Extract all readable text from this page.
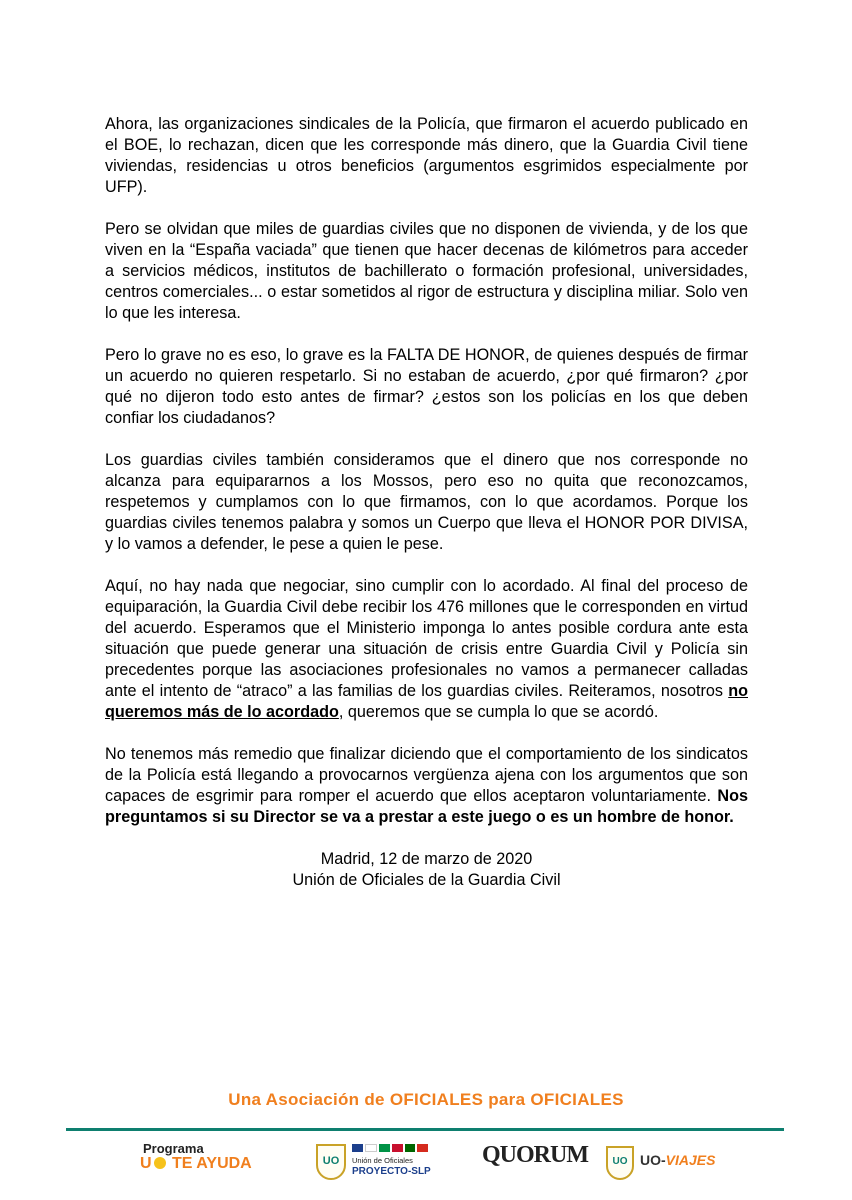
Ahora, las organizaciones sindicales de la Policía, que firmaron el acuerdo publicado en el BOE, lo rechazan, dicen que les corresponde más dinero, que la Guardia Civil tiene viviendas, residencias u otros beneficios (argumentos esgrimidos especialmente por UFP).

Pero se olvidan que miles de guardias civiles que no disponen de vivienda, y de los que viven en la “España vaciada” que tienen que hacer decenas de kilómetros para acceder a servicios médicos, institutos de bachillerato o formación profesional, universidades, centros comerciales... o estar sometidos al rigor de estructura y disciplina miliar. Solo ven lo que les interesa.

Pero lo grave no es eso, lo grave es la FALTA DE HONOR, de quienes después de firmar un acuerdo no quieren respetarlo. Si no estaban de acuerdo, ¿por qué firmaron? ¿por qué no dijeron todo esto antes de firmar? ¿estos son los policías en los que deben confiar los ciudadanos?

Los guardias civiles también consideramos que el dinero que nos corresponde no alcanza para equipararnos a los Mossos, pero eso no quita que reconozcamos, respetemos y cumplamos con lo que firmamos, con lo que acordamos. Porque los guardias civiles tenemos palabra y somos un Cuerpo que lleva el HONOR POR DIVISA, y lo vamos a defender, le pese a quien le pese.

Aquí, no hay nada que negociar, sino cumplir con lo acordado. Al final del proceso de equiparación, la Guardia Civil debe recibir los 476 millones que le corresponden en virtud del acuerdo. Esperamos que el Ministerio imponga lo antes posible cordura ante esta situación que puede generar una situación de crisis entre Guardia Civil y Policía sin precedentes porque las asociaciones profesionales no vamos a permanecer calladas ante el intento de “atraco” a las familias de los guardias civiles. Reiteramos, nosotros no queremos más de lo acordado, queremos que se cumpla lo que se acordó.

No tenemos más remedio que finalizar diciendo que el comportamiento de los sindicatos de la Policía está llegando a provocarnos vergüenza ajena con los argumentos que son capaces de esgrimir para romper el acuerdo que ellos aceptaron voluntariamente. Nos preguntamos si su Director se va a prestar a este juego o es un hombre de honor.

Madrid, 12 de marzo de 2020
Unión de Oficiales de la Guardia Civil
Una Asociación de OFICIALES para OFICIALES
Programa
U TE AYUDA	UO	Unión de Oficiales
PROYECTO-SLP
QUORUM	UO UO-VIAJES
